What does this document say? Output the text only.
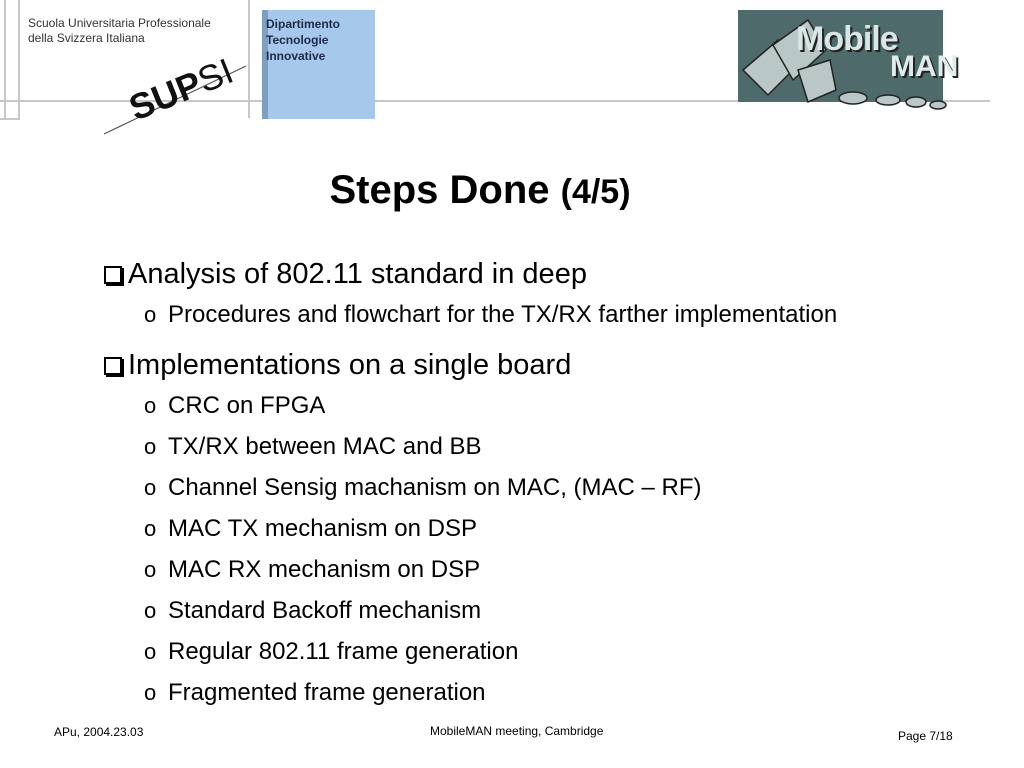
Scuola Universitaria Professionale
della Svizzera Italiana
SUP
SI
Dipartimento
Tecnologie
Innovative	Mobile
MAN
Steps Done (4/5)
Analysis of 802.11 standard in deep
o Procedures and flowchart for the TX/RX farther implementation
Implementations on a single board
o CRC on FPGA
o TX/RX between MAC and BB
o Channel Sensig machanism on MAC, (MAC – RF)
o MAC TX mechanism on DSP
o MAC RX mechanism on DSP
o Standard Backoff mechanism
o Regular 802.11 frame generation
o Fragmented frame generation
APu, 2004.23.03	MobileMAN meeting, Cambridge	Page 7/18
